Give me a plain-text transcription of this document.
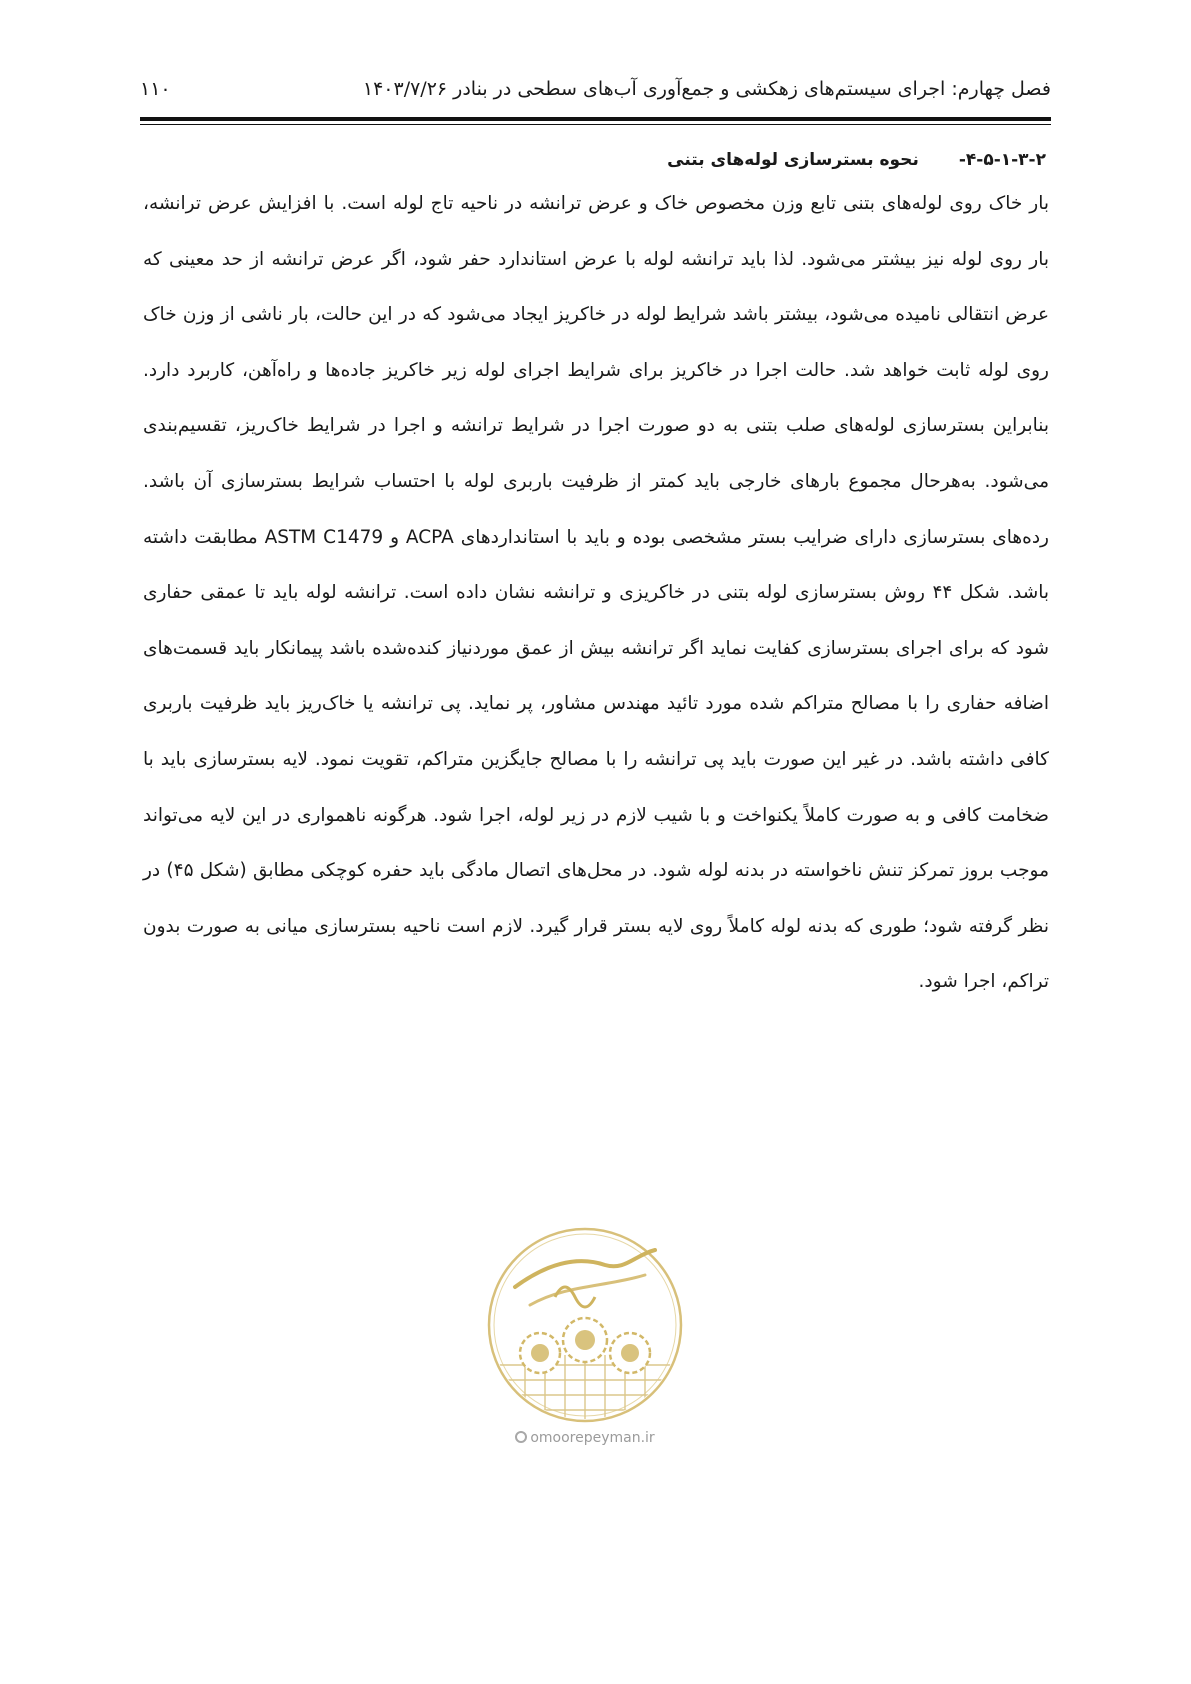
فصل چهارم: اجرای سیستم‌های زهکشی و جمع‌آوری آب‌های سطحی در بنادر ۱۴۰۳/۷/۲۶
۱۱۰
۴-۵-۱-۳-۲-نحوه بسترسازی لوله‌های بتنی

بار خاک روی لوله‌های بتنی تابع وزن مخصوص خاک و عرض ترانشه در ناحیه تاج لوله است. با افزایش عرض ترانشه، بار روی لوله نیز بیشتر می‌شود. لذا باید ترانشه لوله با عرض استاندارد حفر شود، اگر عرض ترانشه از حد معینی که عرض انتقالی نامیده می‌شود، بیشتر باشد شرایط لوله در خاکریز ایجاد می‌شود که در این حالت، بار ناشی از وزن خاک روی لوله ثابت خواهد شد. حالت اجرا در خاکریز برای شرایط اجرای لوله زیر خاکریز جاده‌ها و راه‌آهن، کاربرد دارد. بنابراین بسترسازی لوله‌های صلب بتنی به دو صورت اجرا در شرایط ترانشه و اجرا در شرایط خاک‌ریز، تقسیم‌بندی می‌شود. به‌هرحال مجموع بارهای خارجی باید کمتر از ظرفیت باربری لوله با احتساب شرایط بسترسازی آن باشد. رده‌های بسترسازی دارای ضرایب بستر مشخصی بوده و باید با استانداردهای ACPA و ASTM C1479 مطابقت داشته باشد. شکل ۴۴ روش بسترسازی لوله بتنی در خاکریزی و ترانشه نشان داده است. ترانشه لوله باید تا عمقی حفاری شود که برای اجرای بسترسازی کفایت نماید اگر ترانشه بیش از عمق موردنیاز کنده‌شده باشد پیمانکار باید قسمت‌های اضافه حفاری را با مصالح متراکم شده مورد تائید مهندس مشاور، پر نماید. پی ترانشه یا خاک‌ریز باید ظرفیت باربری کافی داشته باشد. در غیر این صورت باید پی ترانشه را با مصالح جایگزین متراکم، تقویت نمود. لایه بسترسازی باید با ضخامت کافی و به صورت کاملاً یکنواخت و با شیب لازم در زیر لوله، اجرا شود. هرگونه ناهمواری در این لایه می‌تواند موجب بروز تمرکز تنش ناخواسته در بدنه لوله شود. در محل‌های اتصال مادگی باید حفره کوچکی مطابق (شکل ۴۵) در نظر گرفته شود؛ طوری که بدنه لوله کاملاً روی لایه بستر قرار گیرد. لازم است ناحیه بسترسازی میانی به صورت بدون تراکم، اجرا شود.

omoorepeyman.ir
